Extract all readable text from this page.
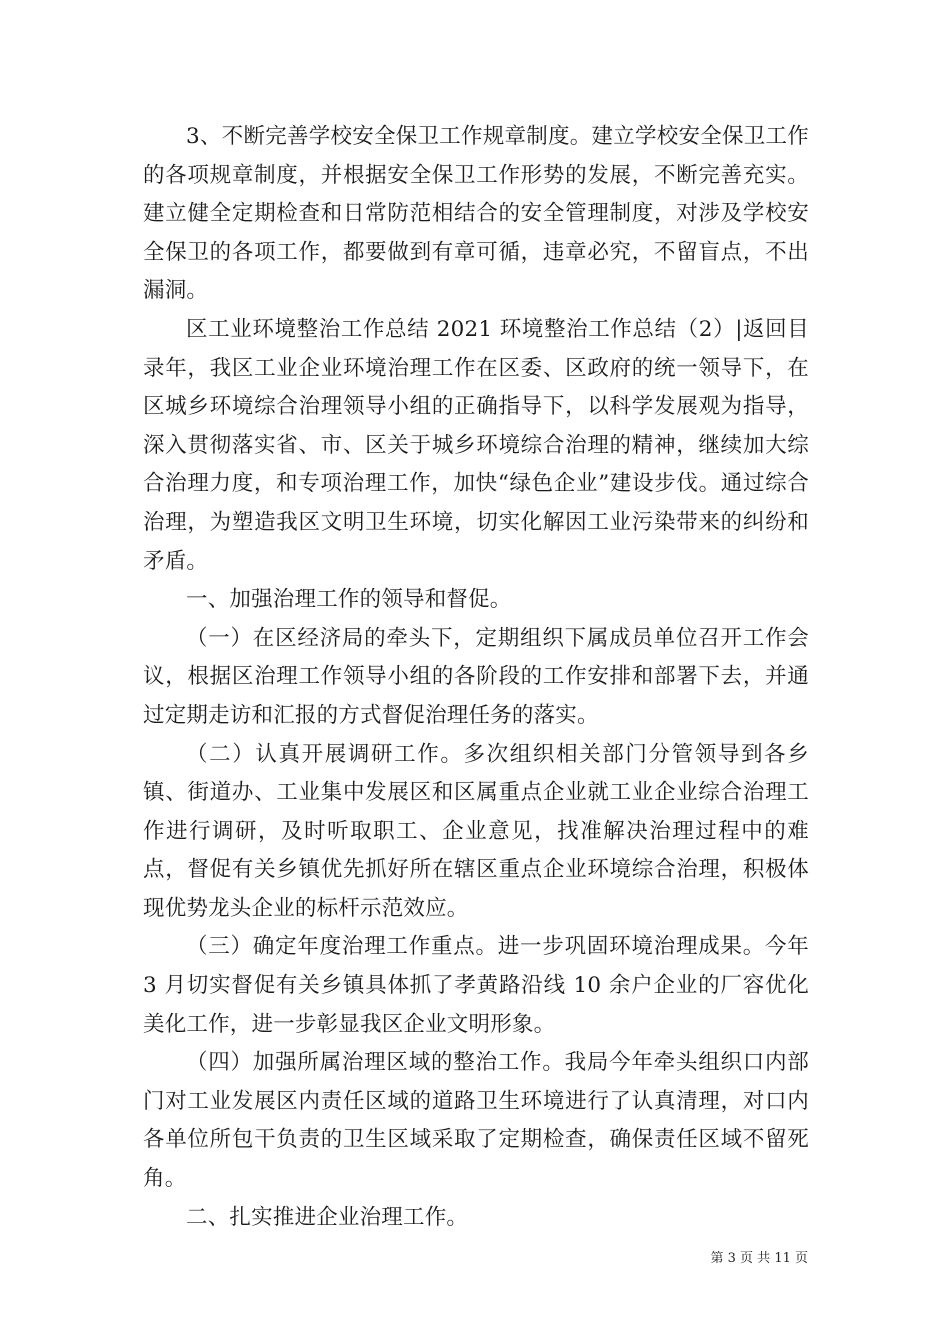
3、不断完善学校安全保卫工作规章制度。建立学校安全保卫工作的各项规章制度，并根据安全保卫工作形势的发展，不断完善充实。建立健全定期检查和日常防范相结合的安全管理制度，对涉及学校安全保卫的各项工作，都要做到有章可循，违章必究，不留盲点，不出漏洞。

区工业环境整治工作总结 2021 环境整治工作总结（2）|返回目录年，我区工业企业环境治理工作在区委、区政府的统一领导下，在区城乡环境综合治理领导小组的正确指导下，以科学发展观为指导，深入贯彻落实省、市、区关于城乡环境综合治理的精神，继续加大综合治理力度，和专项治理工作，加快“绿色企业”建设步伐。通过综合治理，为塑造我区文明卫生环境，切实化解因工业污染带来的纠纷和矛盾。

一、加强治理工作的领导和督促。

（一）在区经济局的牵头下，定期组织下属成员单位召开工作会议，根据区治理工作领导小组的各阶段的工作安排和部署下去，并通过定期走访和汇报的方式督促治理任务的落实。

（二）认真开展调研工作。多次组织相关部门分管领导到各乡镇、街道办、工业集中发展区和区属重点企业就工业企业综合治理工作进行调研，及时听取职工、企业意见，找准解决治理过程中的难点，督促有关乡镇优先抓好所在辖区重点企业环境综合治理，积极体现优势龙头企业的标杆示范效应。

（三）确定年度治理工作重点。进一步巩固环境治理成果。今年 3 月切实督促有关乡镇具体抓了孝黄路沿线 10 余户企业的厂容优化美化工作，进一步彰显我区企业文明形象。

（四）加强所属治理区域的整治工作。我局今年牵头组织口内部门对工业发展区内责任区域的道路卫生环境进行了认真清理，对口内各单位所包干负责的卫生区域采取了定期检查，确保责任区域不留死角。

二、扎实推进企业治理工作。

第 3 页 共 11 页
